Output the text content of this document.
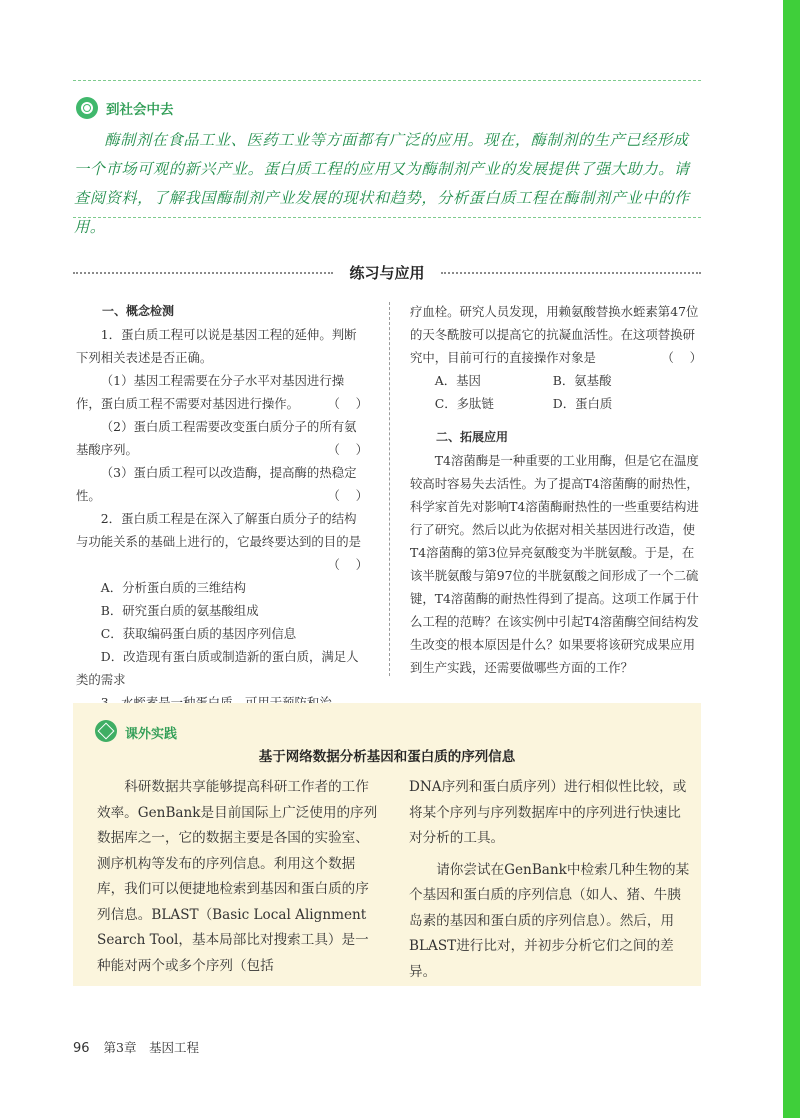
到社会中去

酶制剂在食品工业、医药工业等方面都有广泛的应用。现在，酶制剂的生产已经形成一个市场可观的新兴产业。蛋白质工程的应用又为酶制剂产业的发展提供了强大助力。请查阅资料，了解我国酶制剂产业发展的现状和趋势，分析蛋白质工程在酶制剂产业中的作用。

练习与应用

一、概念检测

1．蛋白质工程可以说是基因工程的延伸。判断下列相关表述是否正确。

（1）基因工程需要在分子水平对基因进行操作，蛋白质工程不需要对基因进行操作。	（    ）

（2）蛋白质工程需要改变蛋白质分子的所有氨基酸序列。	（    ）

（3）蛋白质工程可以改造酶，提高酶的热稳定性。	（    ）

2．蛋白质工程是在深入了解蛋白质分子的结构与功能关系的基础上进行的，它最终要达到的目的是
（    ）

A．分析蛋白质的三维结构

B．研究蛋白质的氨基酸组成

C．获取编码蛋白质的基因序列信息

D．改造现有蛋白质或制造新的蛋白质，满足人类的需求

疗血栓。研究人员发现，用赖氨酸替换水蛭素第47位的天冬酰胺可以提高它的抗凝血活性。在这项替换研究中，目前可行的直接操作对象是	（    ）

A．基因	B．氨基酸
C．多肽链	D．蛋白质

二、拓展应用

T4溶菌酶是一种重要的工业用酶，但是它在温度较高时容易失去活性。为了提高T4溶菌酶的耐热性，科学家首先对影响T4溶菌酶耐热性的一些重要结构进行了研究。然后以此为依据对相关基因进行改造，使T4溶菌酶的第3位异亮氨酸变为半胱氨酸。于是，在该半胱氨酸与第97位的半胱氨酸之间形成了一个二硫键，T4溶菌酶的耐热性得到了提高。这项工作属于什么工程的范畴？在该实例中引起T4溶菌酶空间结构发生改变的根本原因是什么？如果要将该研究成果应用到生产实践，还需要做哪些方面的工作？

课外实践
基于网络数据分析基因和蛋白质的序列信息

科研数据共享能够提高科研工作者的工作效率。GenBank是目前国际上广泛使用的序列数据库之一，它的数据主要是各国的实验室、测序机构等发布的序列信息。利用这个数据库，我们可以便捷地检索到基因和蛋白质的序列信息。BLAST（Basic Local Alignment Search Tool，基本局部比对搜索工具）是一种能对两个或多个序列（包括

DNA序列和蛋白质序列）进行相似性比较，或将某个序列与序列数据库中的序列进行快速比对分析的工具。

请你尝试在GenBank中检索几种生物的某个基因和蛋白质的序列信息（如人、猪、牛胰岛素的基因和蛋白质的序列信息）。然后，用BLAST进行比对，并初步分析它们之间的差异。

96 第3章　基因工程
